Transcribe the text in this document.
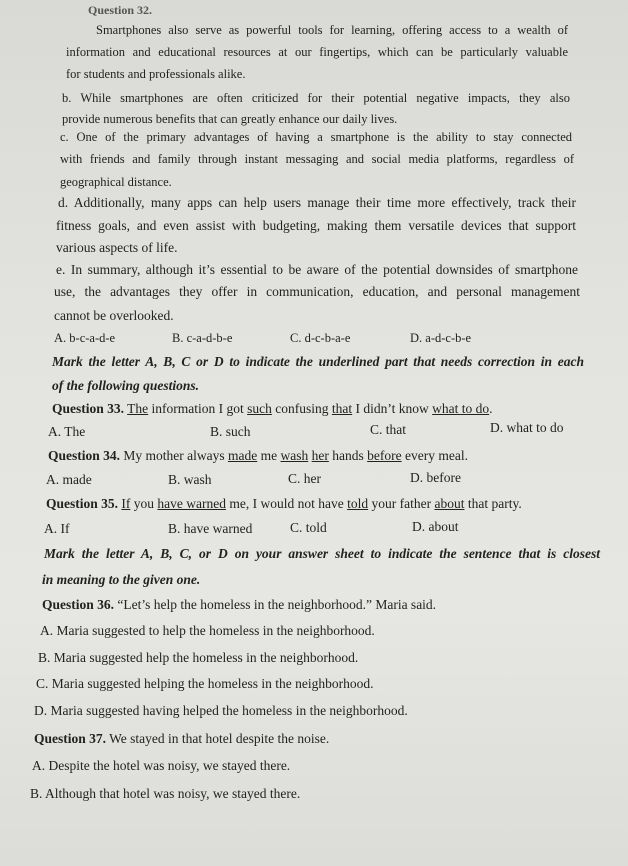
Question 32.
Smartphones also serve as powerful tools for learning, offering access to a wealth of
information and educational resources at our fingertips, which can be particularly valuable
for students and professionals alike.
b. While smartphones are often criticized for their potential negative impacts, they also
provide numerous benefits that can greatly enhance our daily lives.
c. One of the primary advantages of having a smartphone is the ability to stay connected
with friends and family through instant messaging and social media platforms, regardless of
geographical distance.
d. Additionally, many apps can help users manage their time more effectively, track their
fitness goals, and even assist with budgeting, making them versatile devices that support
various aspects of life.
e. In summary, although it’s essential to be aware of the potential downsides of smartphone
use, the advantages they offer in communication, education, and personal management
cannot be overlooked.
A. b-c-a-d-e	B. c-a-d-b-e	C. d-c-b-a-e	D. a-d-c-b-e
Mark the letter A, B, C or D to indicate the underlined part that needs correction in each
of the following questions.
Question 33. The information I got such confusing that I didn’t know what to do.
A. The	B. such	C. that	D. what to do
Question 34. My mother always made me wash her hands before every meal.
A. made	B. wash	C. her	D. before
Question 35. If you have warned me, I would not have told your father about that party.
A. If	B. have warned	C. told	D. about
Mark the letter A, B, C, or D on your answer sheet to indicate the sentence that is closest
in meaning to the given one.
Question 36. “Let’s help the homeless in the neighborhood.” Maria said.
A. Maria suggested to help the homeless in the neighborhood.
B. Maria suggested help the homeless in the neighborhood.
C. Maria suggested helping the homeless in the neighborhood.
D. Maria suggested having helped the homeless in the neighborhood.
Question 37. We stayed in that hotel despite the noise.
A. Despite the hotel was noisy, we stayed there.
B. Although that hotel was noisy, we stayed there.
